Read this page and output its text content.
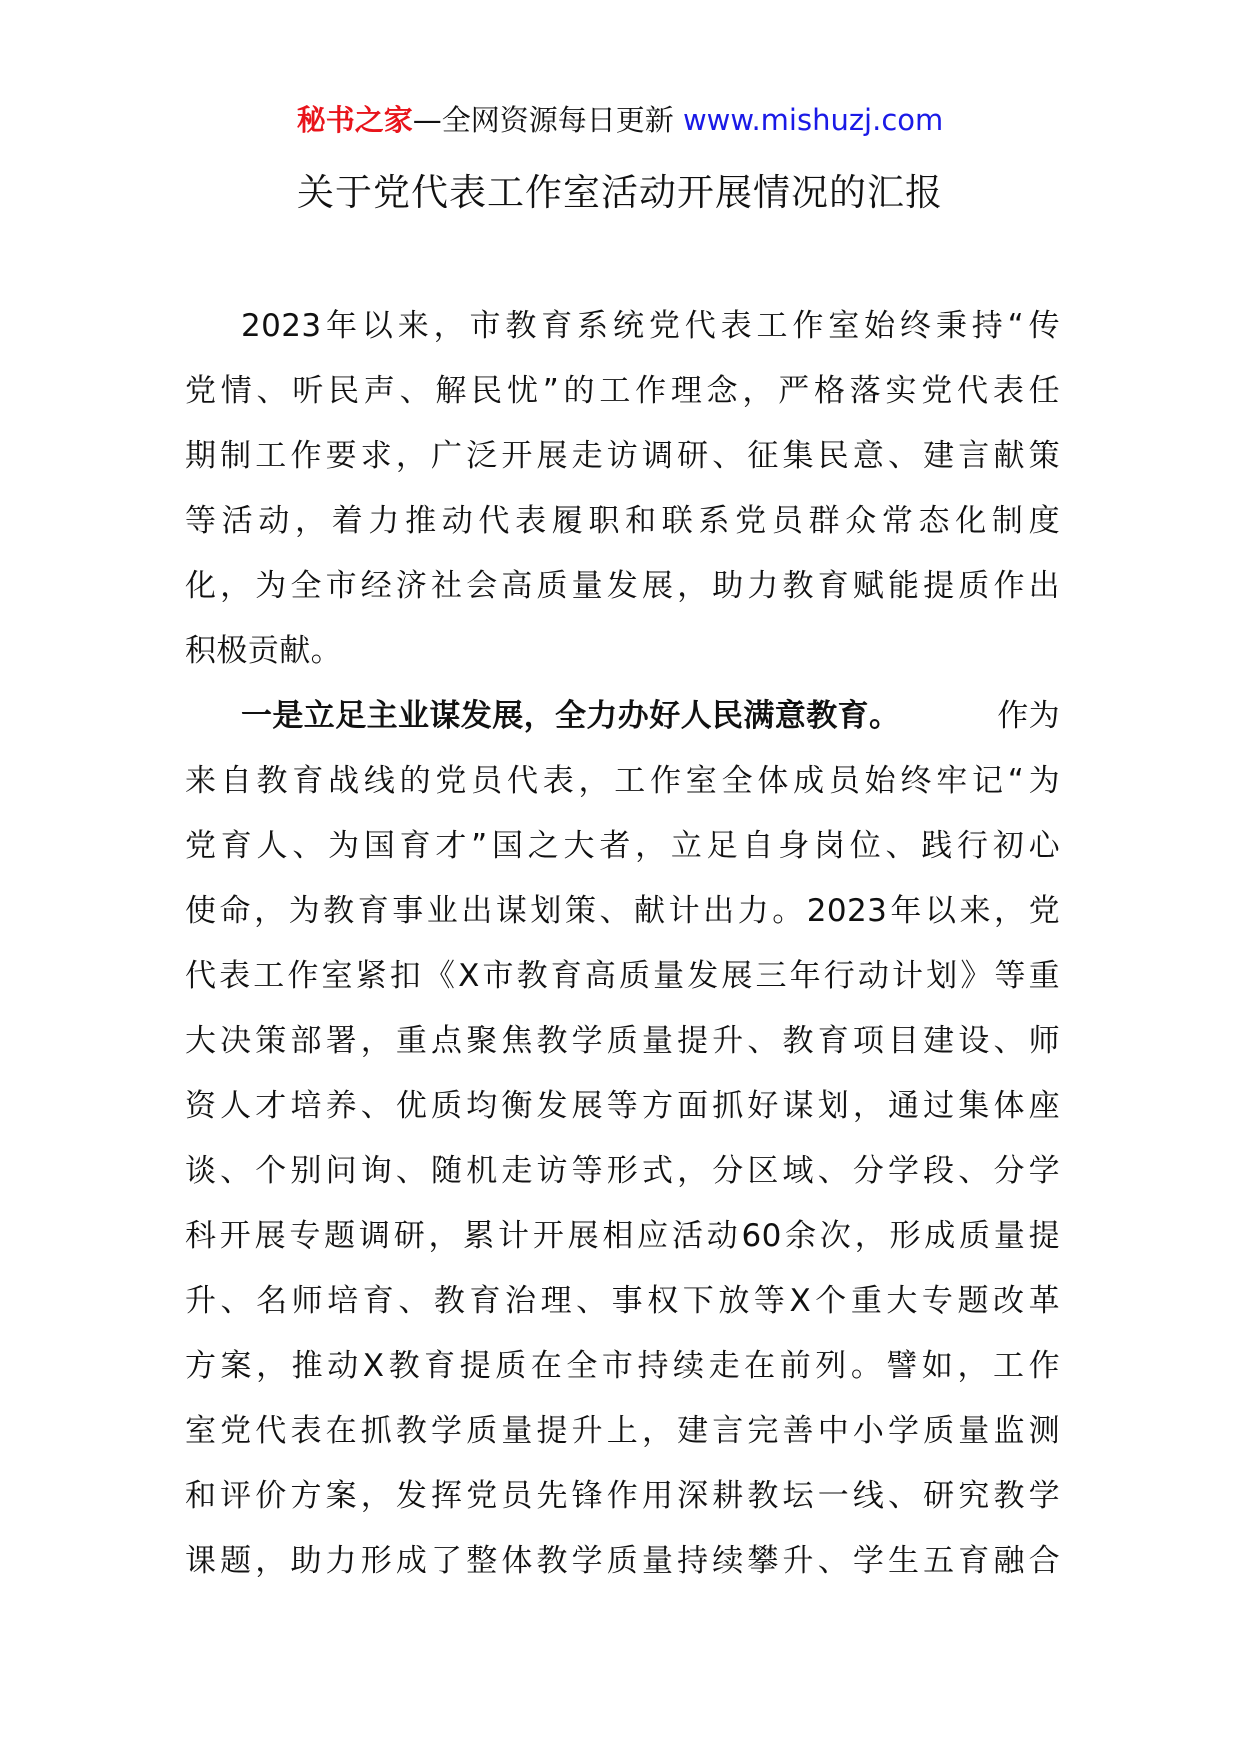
秘书之家—全网资源每日更新 www.mishuzj.com
关于党代表工作室活动开展情况的汇报
2023年以来，市教育系统党代表工作室始终秉持“传
党情、听民声、解民忧”的工作理念，严格落实党代表任
期制工作要求，广泛开展走访调研、征集民意、建言献策
等活动，着力推动代表履职和联系党员群众常态化制度
化，为全市经济社会高质量发展，助力教育赋能提质作出
积极贡献。
一是立足主业谋发展，全力办好人民满意教育。	作为
来自教育战线的党员代表，工作室全体成员始终牢记“为
党育人、为国育才”国之大者，立足自身岗位、践行初心
使命，为教育事业出谋划策、献计出力。2023年以来，党
代表工作室紧扣《X市教育高质量发展三年行动计划》等重
大决策部署，重点聚焦教学质量提升、教育项目建设、师
资人才培养、优质均衡发展等方面抓好谋划，通过集体座
谈、个别问询、随机走访等形式，分区域、分学段、分学
科开展专题调研，累计开展相应活动60余次，形成质量提
升、名师培育、教育治理、事权下放等X个重大专题改革
方案，推动X教育提质在全市持续走在前列。譬如，工作
室党代表在抓教学质量提升上，建言完善中小学质量监测
和评价方案，发挥党员先锋作用深耕教坛一线、研究教学
课题，助力形成了整体教学质量持续攀升、学生五育融合
